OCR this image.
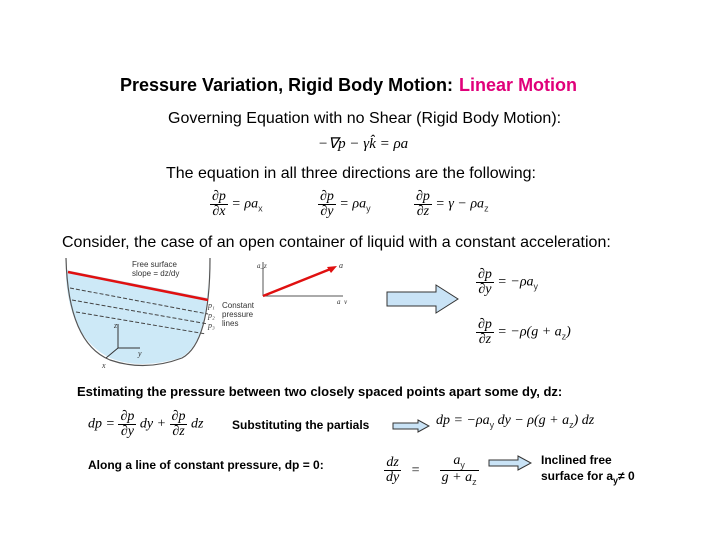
Pressure Variation, Rigid Body Motion: Linear Motion
Governing Equation with no Shear (Rigid Body Motion):
−∇p − γk̂ = ρa
The equation in all three directions are the following:
$\frac{\partial p}{\partial x} = \rho a_x$	$\frac{\partial p}{\partial y} = \rho a_y$	$\frac{\partial p}{\partial z} = \gamma - \rho a_z$
Consider, the case of an open container of liquid with a constant acceleration:
Free surface
slope = dz/dy
Constant
pressure
lines
p₁
p₂
p₃
z
y
x
a_z	a
a_y
$\frac{\partial p}{\partial y} = -\rho a_y$
$\frac{\partial p}{\partial z} = -\rho(g + a_z)$
Estimating the pressure between two closely spaced points apart some dy, dz:
dp = $\frac{\partial p}{\partial y}$ dy + $\frac{\partial p}{\partial z}$ dz Substituting the partials	dp = $-\rho a_y$ dy − $\rho(g + a_z)$ dz
Along a line of constant pressure, dp = 0:	$\frac{dz}{dy} = \frac{a_y}{g + a_z}$	Inclined free
surface for $a_y\ne 0$
